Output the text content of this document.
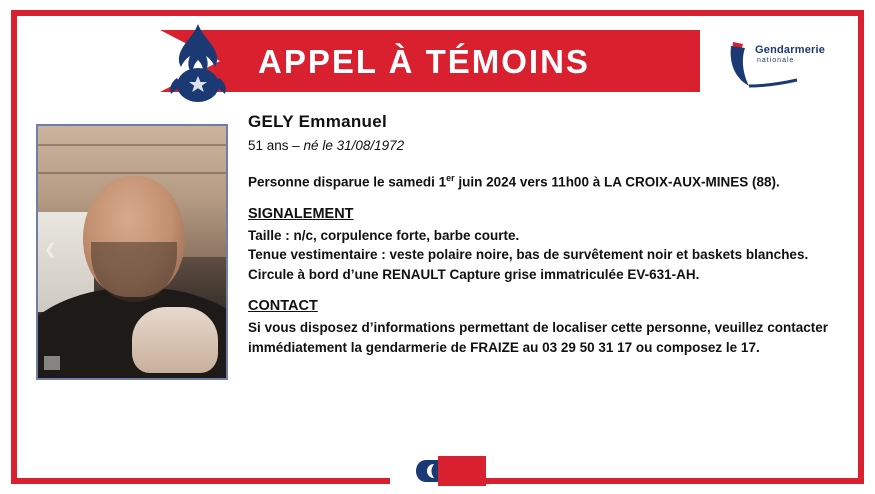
APPEL À TÉMOINS	Gendarmerie
nationale
❮
GELY Emmanuel
51 ans – né le 31/08/1972

Personne disparue le samedi 1er juin 2024 vers 11h00 à LA CROIX-AUX-MINES (88).

SIGNALEMENT

Taille : n/c, corpulence forte, barbe courte.

Tenue vestimentaire : veste polaire noire, bas de survêtement noir et baskets blanches.

Circule à bord d’une RENAULT Capture grise immatriculée EV-631-AH.

CONTACT

Si vous disposez d’informations permettant de localiser cette personne, veuillez contacter immédiatement la gendarmerie de FRAIZE au 03 29 50 31 17 ou composez le 17.
